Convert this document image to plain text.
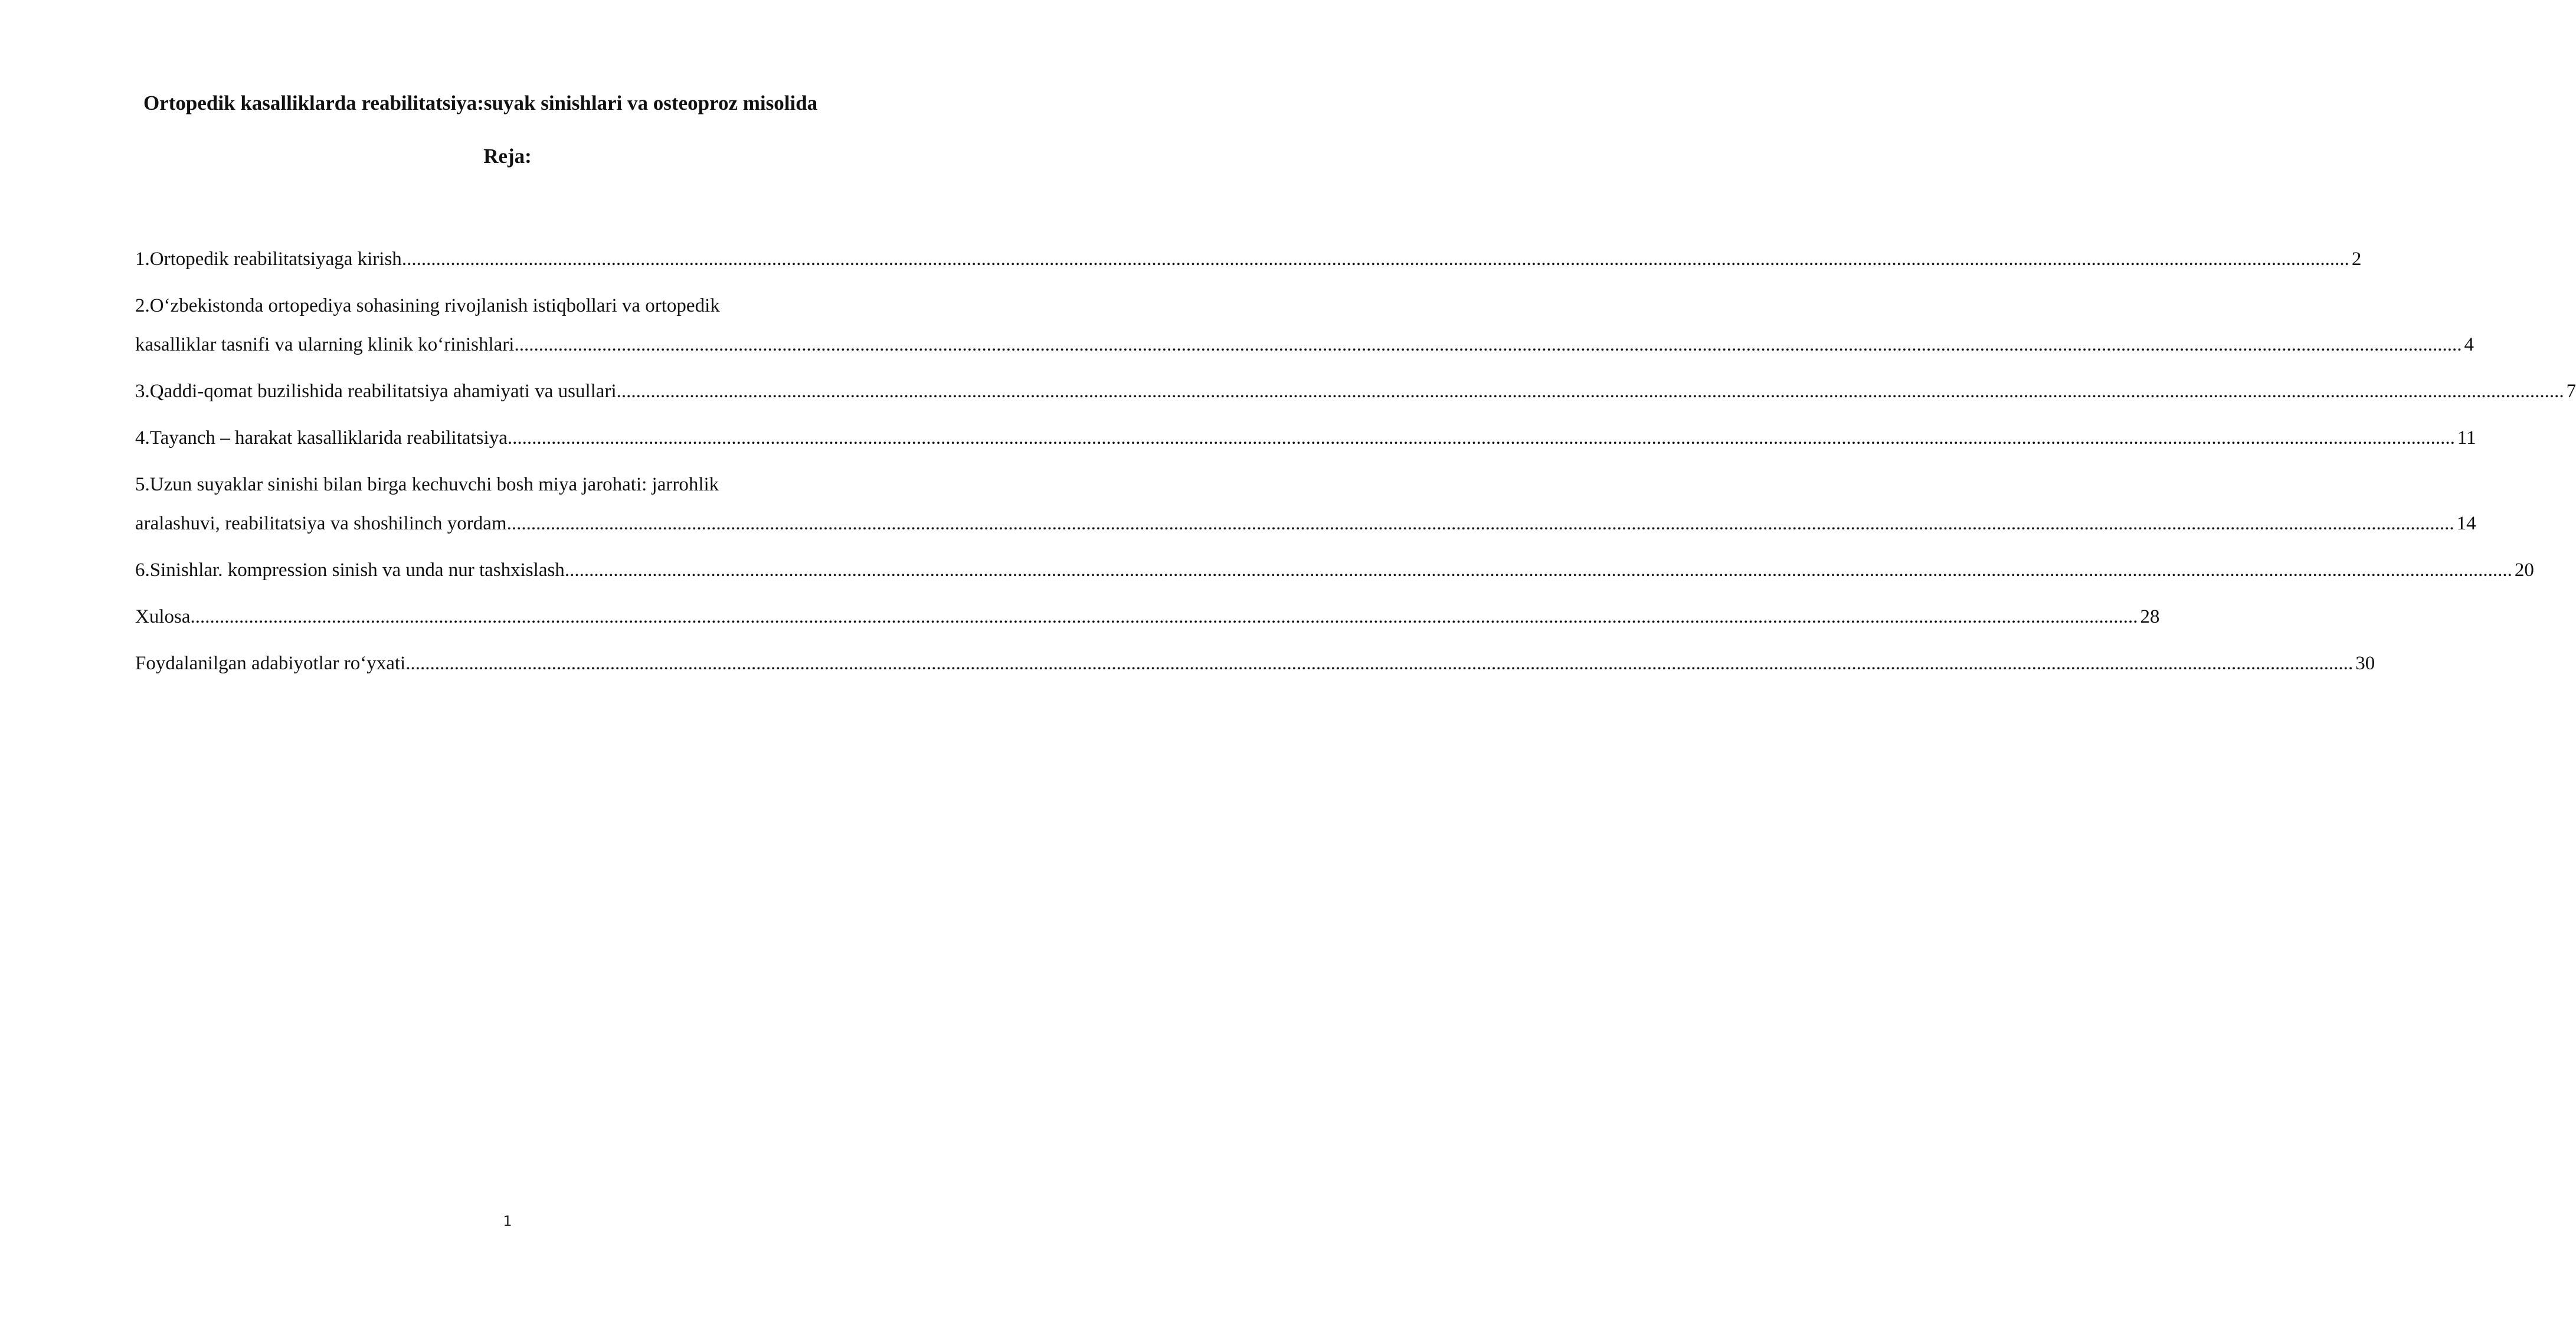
Ortopedik kasalliklarda reabilitatsiya:suyak sinishlari va osteoproz misolida
Reja:
1.Ortopedik reabilitatsiyaga kirish ................................................................................................................................................................................................................................................................................................................................................................................................................ 2
2.O‘zbekistonda ortopediya sohasining rivojlanish istiqbollari va ortopedik
kasalliklar tasnifi va ularning klinik ko‘rinishlari ................................................................................................................................................................................................................................................................................................................................................................................................................ 4
3.Qaddi-qomat buzilishida reabilitatsiya ahamiyati va usullari ................................................................................................................................................................................................................................................................................................................................................................................................................ 7
4.Tayanch – harakat kasalliklarida reabilitatsiya ................................................................................................................................................................................................................................................................................................................................................................................................................ 11
5.Uzun suyaklar sinishi bilan birga kechuvchi bosh miya jarohati: jarrohlik
aralashuvi, reabilitatsiya va shoshilinch yordam ................................................................................................................................................................................................................................................................................................................................................................................................................ 14
6.Sinishlar. kompression sinish va unda nur tashxislash ................................................................................................................................................................................................................................................................................................................................................................................................................ 20
Xulosa ................................................................................................................................................................................................................................................................................................................................................................................................................ 28
Foydalanilgan adabiyotlar ro‘yxati ................................................................................................................................................................................................................................................................................................................................................................................................................ 30
1
